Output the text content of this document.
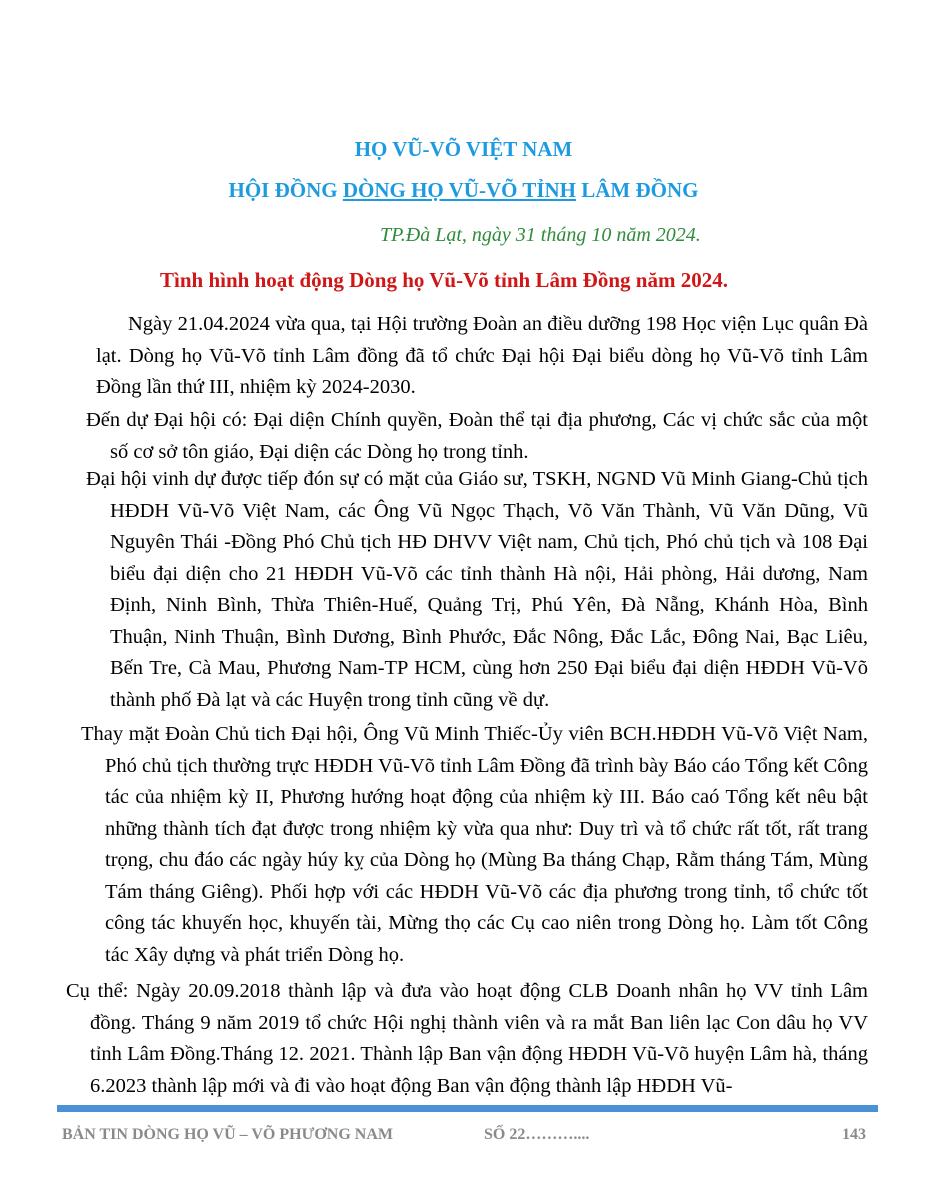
HỌ VŨ-VÕ VIỆT NAM
HỘI ĐỒNG DÒNG HỌ VŨ-VÕ TỈNH LÂM ĐỒNG
TP.Đà Lạt, ngày 31 tháng 10 năm 2024.
Tình hình hoạt động Dòng họ Vũ-Võ tỉnh Lâm Đồng năm 2024.
Ngày 21.04.2024 vừa qua, tại Hội trường Đoàn an điều dưỡng 198 Học viện Lục quân Đà lạt. Dòng họ Vũ-Võ tỉnh Lâm đồng đã tổ chức Đại hội Đại biểu dòng họ Vũ-Võ tỉnh Lâm Đồng lần thứ III, nhiệm kỳ 2024-2030.
Đến dự Đại hội có: Đại diện Chính quyền, Đoàn thể tại địa phương, Các vị chức sắc của một số cơ sở tôn giáo, Đại diện các Dòng họ trong tỉnh.
Đại hội vinh dự được tiếp đón sự có mặt của Giáo sư, TSKH, NGND Vũ Minh Giang-Chủ tịch HĐDH Vũ-Võ Việt Nam, các Ông Vũ Ngọc Thạch, Võ Văn Thành, Vũ Văn Dũng, Vũ Nguyên Thái -Đồng Phó Chủ tịch HĐ DHVV Việt nam, Chủ tịch, Phó chủ tịch và 108 Đại biểu đại diện cho 21 HĐDH Vũ-Võ các tỉnh thành Hà nội, Hải phòng, Hải dương, Nam Định, Ninh Bình, Thừa Thiên-Huế, Quảng Trị, Phú Yên, Đà Nẵng, Khánh Hòa, Bình Thuận, Ninh Thuận, Bình Dương, Bình Phước, Đắc Nông, Đắc Lắc, Đông Nai, Bạc Liêu, Bến Tre, Cà Mau, Phương Nam-TP HCM, cùng hơn 250 Đại biểu đại diện HĐDH Vũ-Võ thành phố Đà lạt và các Huyện trong tỉnh cũng về dự.
Thay mặt Đoàn Chủ tich Đại hội, Ông Vũ Minh Thiếc-Ủy viên BCH.HĐDH Vũ-Võ Việt Nam, Phó chủ tịch thường trực HĐDH Vũ-Võ tỉnh Lâm Đồng đã trình bày Báo cáo Tổng kết Công tác của nhiệm kỳ II, Phương hướng hoạt động của nhiệm kỳ III. Báo caó Tổng kết nêu bật những thành tích đạt được trong nhiệm kỳ vừa qua như: Duy trì và tổ chức rất tốt, rất trang trọng, chu đáo các ngày húy kỵ của Dòng họ (Mùng Ba tháng Chạp, Rằm tháng Tám, Mùng Tám tháng Giêng). Phối hợp với các HĐDH Vũ-Võ các địa phương trong tỉnh, tổ chức tốt công tác khuyến học, khuyến tài, Mừng thọ các Cụ cao niên trong Dòng họ. Làm tốt Công tác Xây dựng và phát triển Dòng họ.
Cụ thể: Ngày 20.09.2018 thành lập và đưa vào hoạt động CLB Doanh nhân họ VV tỉnh Lâm đồng. Tháng 9 năm 2019 tổ chức Hội nghị thành viên và ra mắt Ban liên lạc Con dâu họ VV tỉnh Lâm Đồng.Tháng 12. 2021. Thành lập Ban vận động HĐDH Vũ-Võ huyện Lâm hà, tháng 6.2023 thành lập mới và đi vào hoạt động Ban vận động thành lập HĐDH Vũ-
BẢN TIN DÒNG HỌ VŨ – VÕ PHƯƠNG NAM	SỐ 22………....	143
